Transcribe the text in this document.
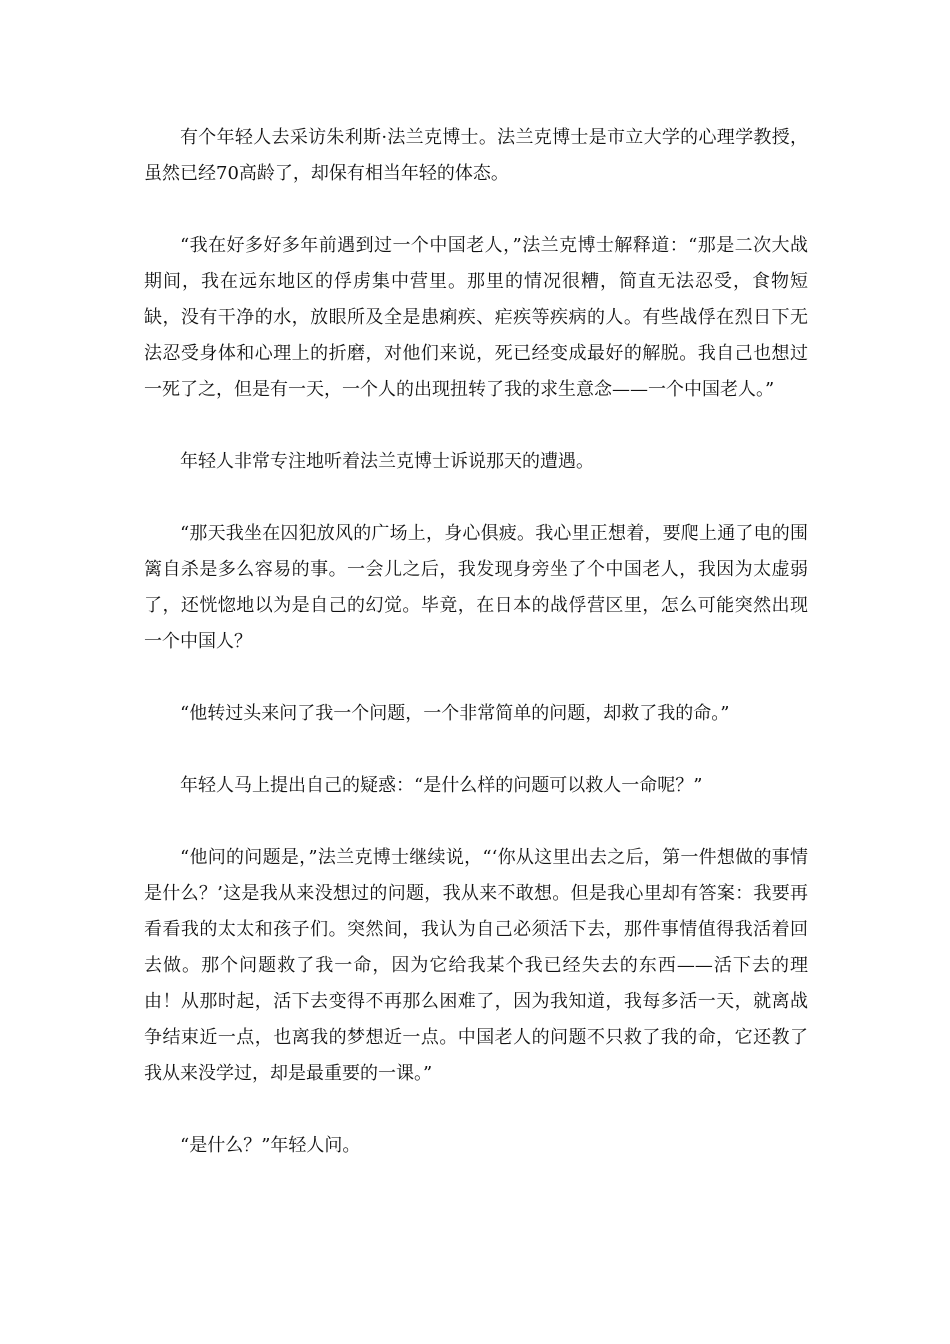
有个年轻人去采访朱利斯·法兰克博士。法兰克博士是市立大学的心理学教授，虽然已经70高龄了，却保有相当年轻的体态。

“我在好多好多年前遇到过一个中国老人，”法兰克博士解释道：“那是二次大战期间，我在远东地区的俘虏集中营里。那里的情况很糟，简直无法忍受，食物短缺，没有干净的水，放眼所及全是患痢疾、疟疾等疾病的人。有些战俘在烈日下无法忍受身体和心理上的折磨，对他们来说，死已经变成最好的解脱。我自己也想过一死了之，但是有一天，一个人的出现扭转了我的求生意念——一个中国老人。”

年轻人非常专注地听着法兰克博士诉说那天的遭遇。

“那天我坐在囚犯放风的广场上，身心俱疲。我心里正想着，要爬上通了电的围篱自杀是多么容易的事。一会儿之后，我发现身旁坐了个中国老人，我因为太虚弱了，还恍惚地以为是自己的幻觉。毕竟，在日本的战俘营区里，怎么可能突然出现一个中国人？

“他转过头来问了我一个问题，一个非常简单的问题，却救了我的命。”

年轻人马上提出自己的疑惑：“是什么样的问题可以救人一命呢？”

“他问的问题是，”法兰克博士继续说，“‘你从这里出去之后，第一件想做的事情是什么？’这是我从来没想过的问题，我从来不敢想。但是我心里却有答案：我要再看看我的太太和孩子们。突然间，我认为自己必须活下去，那件事情值得我活着回去做。那个问题救了我一命，因为它给我某个我已经失去的东西——活下去的理由！从那时起，活下去变得不再那么困难了，因为我知道，我每多活一天，就离战争结束近一点，也离我的梦想近一点。中国老人的问题不只救了我的命，它还教了我从来没学过，却是最重要的一课。”

“是什么？”年轻人问。
